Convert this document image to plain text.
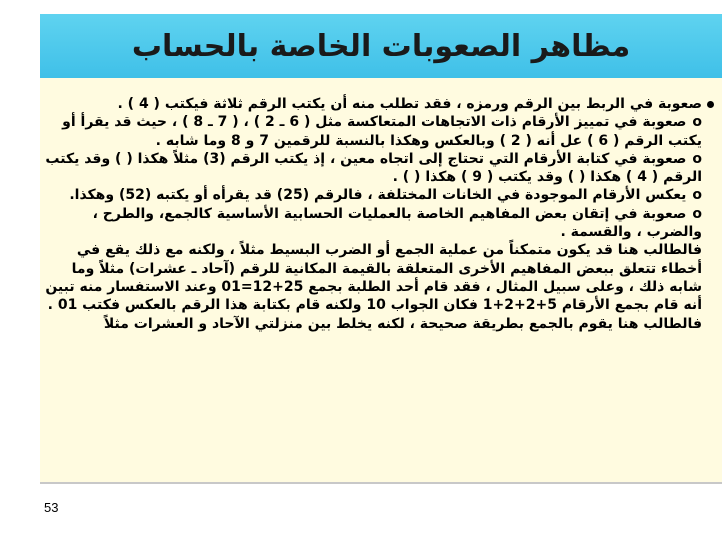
مظاهر الصعوبات الخاصة بالحساب

صعوبة في الربط بين الرقم ورمزه ، فقد تطلب منه أن يكتب الرقم ثلاثة فيكتب ( 4 ) .

oصعوبة في تمييز الأرقام ذات الاتجاهات المتعاكسة مثل ( 6 ـ 2 ) ، ( 7 ـ 8 ) ، حيث قد يقرأ أو يكتب الرقم ( 6 ) عل أنه ( 2 ) وبالعكس وهكذا بالنسبة للرقمين 7 و 8 وما شابه .

oصعوبة في كتابة الأرقام التي تحتاج إلى اتجاه معين ، إذ يكتب الرقم (3) مثلاً هكذا ( ) وقد يكتب الرقم ( 4 ) هكذا ( ) وقد يكتب ( 9 ) هكذا ( ) .

oيعكس الأرقام الموجودة في الخانات المختلفة ، فالرقم (25) قد يقرأه أو يكتبه (52) وهكذا.

oصعوبة في إتقان بعض المفاهيم الخاصة بالعمليات الحسابية الأساسية كالجمع، والطرح ، والضرب ، والقسمة .

فالطالب هنا قد يكون متمكناً من عملية الجمع أو الضرب البسيط مثلاً ، ولكنه مع ذلك يقع في أخطاء تتعلق ببعض المفاهيم الأخرى المتعلقة بالقيمة المكانية للرقم (آحاد ـ عشرات) مثلاً وما شابه ذلك ، وعلى سبيل المثال ، فقد قام أحد الطلبة بجمع 25+12=01 وعند الاستفسار منه تبين أنه قام بجمع الأرقام 5+2+2+1 فكان الجواب 10 ولكنه قام بكتابة هذا الرقم بالعكس فكتب 01 .

فالطالب هنا يقوم بالجمع بطريقة صحيحة ، لكنه يخلط بين منزلتي الآحاد و العشرات مثلاً

53
